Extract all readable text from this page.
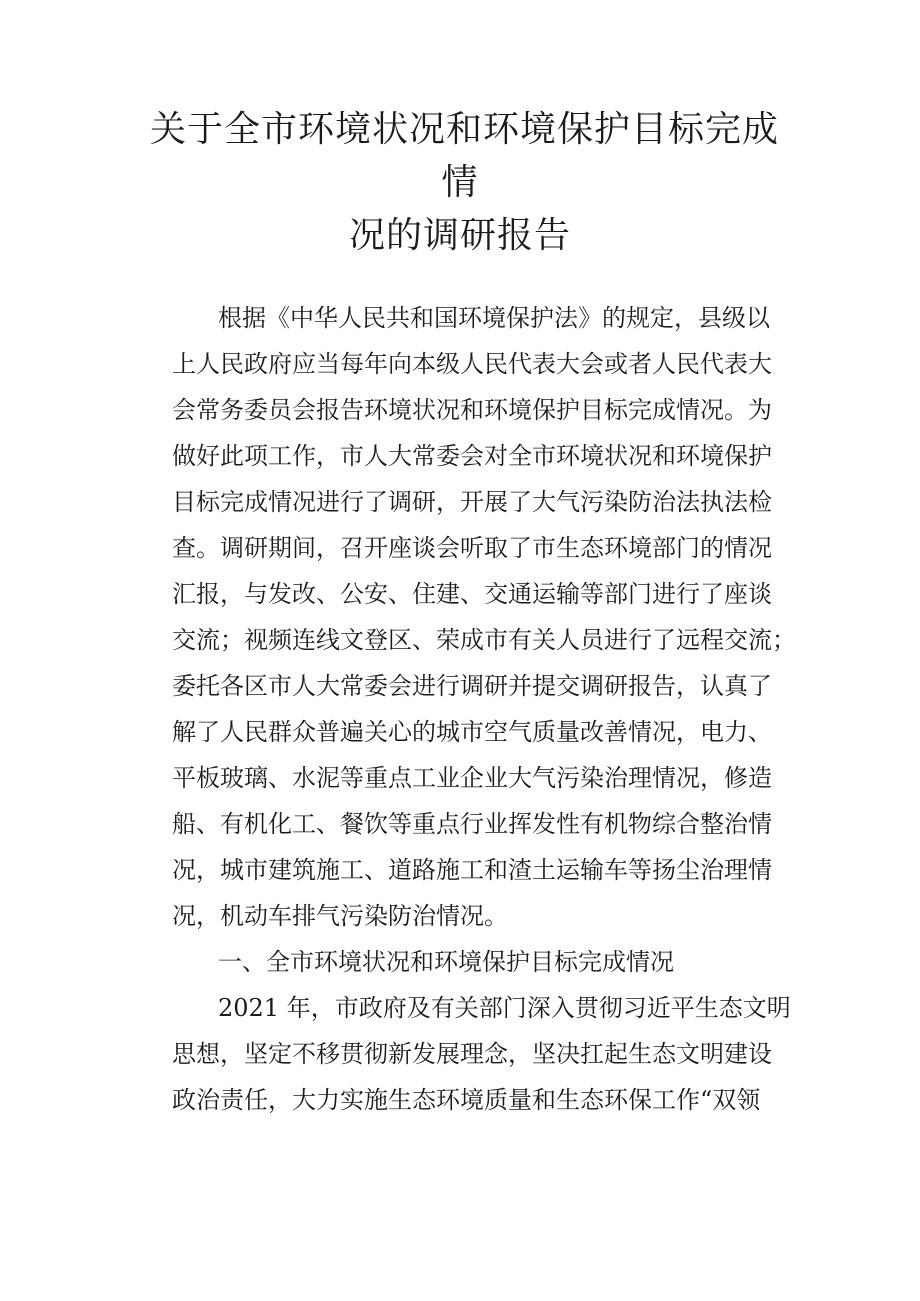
关于全市环境状况和环境保护目标完成
情
况的调研报告
根据《中华人民共和国环境保护法》的规定，县级以
上人民政府应当每年向本级人民代表大会或者人民代表大
会常务委员会报告环境状况和环境保护目标完成情况。为
做好此项工作，市人大常委会对全市环境状况和环境保护
目标完成情况进行了调研，开展了大气污染防治法执法检
查。调研期间，召开座谈会听取了市生态环境部门的情况
汇报，与发改、公安、住建、交通运输等部门进行了座谈
交流；视频连线文登区、荣成市有关人员进行了远程交流；
委托各区市人大常委会进行调研并提交调研报告，认真了
解了人民群众普遍关心的城市空气质量改善情况，电力、
平板玻璃、水泥等重点工业企业大气污染治理情况，修造
船、有机化工、餐饮等重点行业挥发性有机物综合整治情
况，城市建筑施工、道路施工和渣土运输车等扬尘治理情
况，机动车排气污染防治情况。
一、全市环境状况和环境保护目标完成情况
2021 年，市政府及有关部门深入贯彻习近平生态文明
思想，坚定不移贯彻新发展理念，坚决扛起生态文明建设
政治责任，大力实施生态环境质量和生态环保工作“双领
